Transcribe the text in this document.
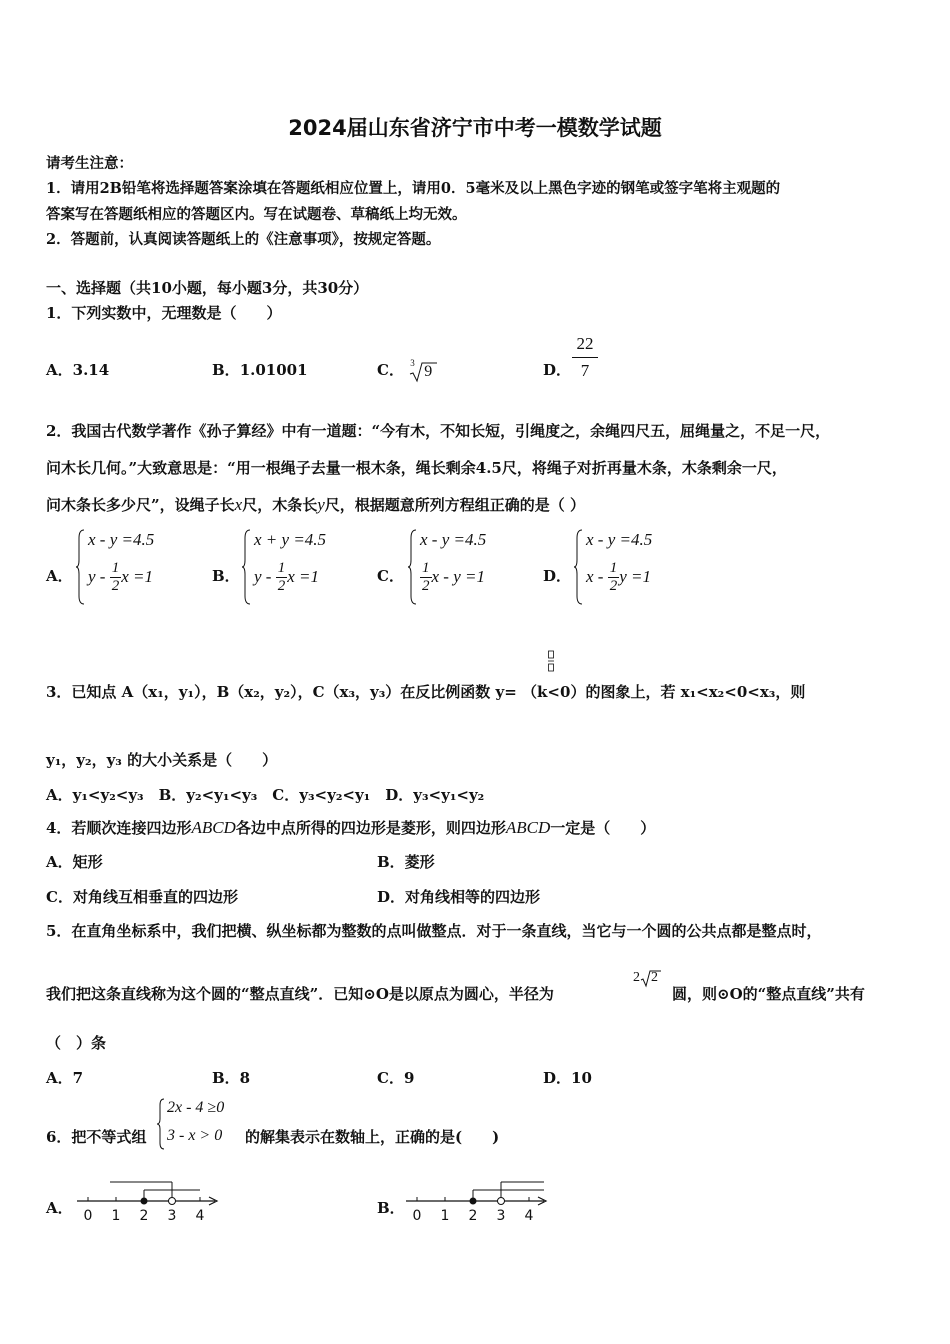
2024届山东省济宁市中考一模数学试题
请考生注意：
1．请用2B铅笔将选择题答案涂填在答题纸相应位置上，请用0．5毫米及以上黑色字迹的钢笔或签字笔将主观题的
答案写在答题纸相应的答题区内。写在试题卷、草稿纸上均无效。
2．答题前，认真阅读答题纸上的《注意事项》，按规定答题。
一、选择题（共10小题，每小题3分，共30分）
1．下列实数中，无理数是（　　）
A．3.14	B．1.01001	C． 3 9	D．
22
7
2．我国古代数学著作《孙子算经》中有一道题：“今有木，不知长短，引绳度之，余绳四尺五，屈绳量之，不足一尺，
问木长几何。”大致意思是：“用一根绳子去量一根木条，绳长剩余4.5尺，将绳子对折再量木条，木条剩余一尺，
问木条长多少尺”，设绳子长x尺，木条长y尺，根据题意所列方程组正确的是（ ）
A．	B．	C．	D．
x - y =4.5
y - $\frac{1}{2}$ x =1
x + y =4.5
y - $\frac{1}{2}$ x =1
x - y =4.5
$\frac{1}{2}$ x - y =1
x - y =4.5
x - $\frac{1}{2}$ y =1
3．已知点 A（x₁，y₁），B（x₂，y₂），C（x₃，y₃）在反比例函数 y= （k<0）的图象上，若 x₁<x₂<0<x₃，则
y₁，y₂，y₃ 的大小关系是（　　）
A．y₁<y₂<y₃　B．y₂<y₁<y₃　C．y₃<y₂<y₁　D．y₃<y₁<y₂
4．若顺次连接四边形ABCD各边中点所得的四边形是菱形，则四边形ABCD一定是（　　）
A．矩形	B．菱形
C．对角线互相垂直的四边形	D．对角线相等的四边形
5．在直角坐标系中，我们把横、纵坐标都为整数的点叫做整点．对于一条直线，当它与一个圆的公共点都是整点时，
我们把这条直线称为这个圆的“整点直线”．已知⊙O是以原点为圆心，半径为
2 2
圆，则⊙O的“整点直线”共有
（　）条
A．7	B．8	C．9	D．10
6．把不等式组
2x - 4 ≥0
3 - x > 0 的解集表示在数轴上，正确的是(　　)
A．	B．
0 1 2 3 4	0 1 2 3 4
